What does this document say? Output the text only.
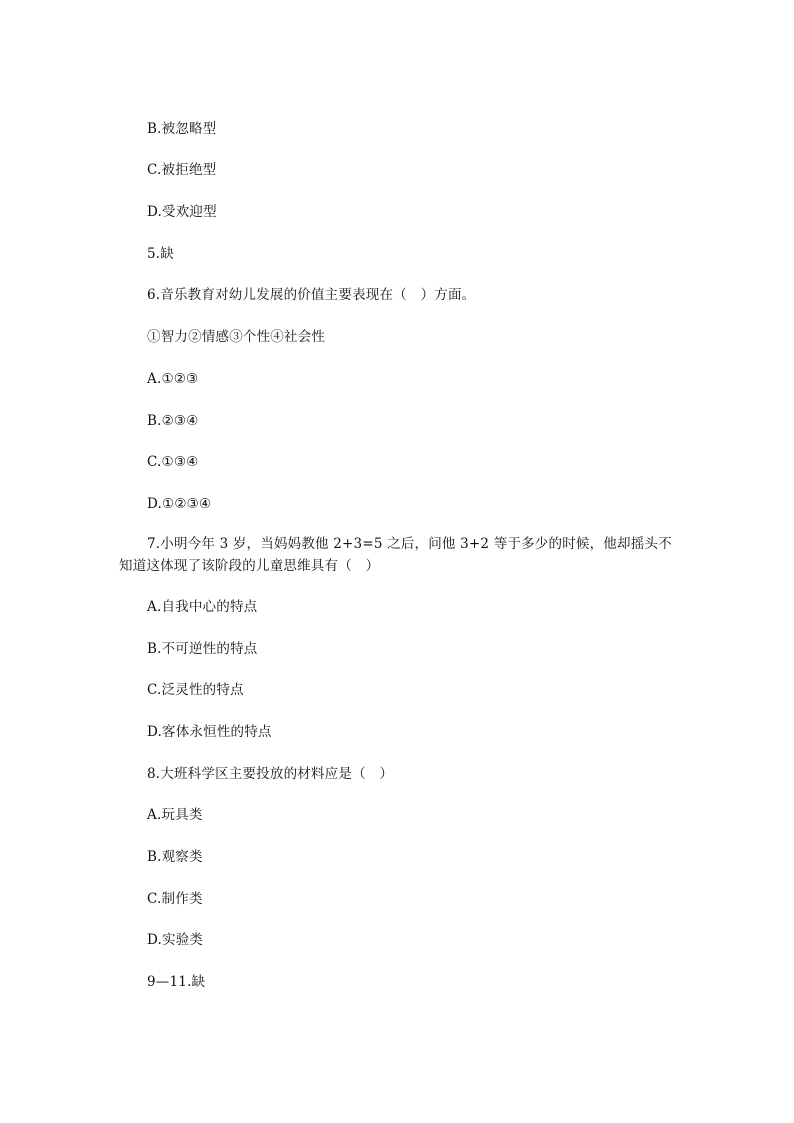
B.被忽略型
C.被拒绝型
D.受欢迎型
5.缺
6.音乐教育对幼儿发展的价值主要表现在（　）方面。
①智力②情感③个性④社会性
A.①②③
B.②③④
C.①③④
D.①②③④
7.小明今年 3 岁，当妈妈教他 2+3=5 之后，问他 3+2 等于多少的时候，他却摇头不知道这体现了该阶段的儿童思维具有（　）
A.自我中心的特点
B.不可逆性的特点
C.泛灵性的特点
D.客体永恒性的特点
8.大班科学区主要投放的材料应是（　）
A.玩具类
B.观察类
C.制作类
D.实验类
9—11.缺
